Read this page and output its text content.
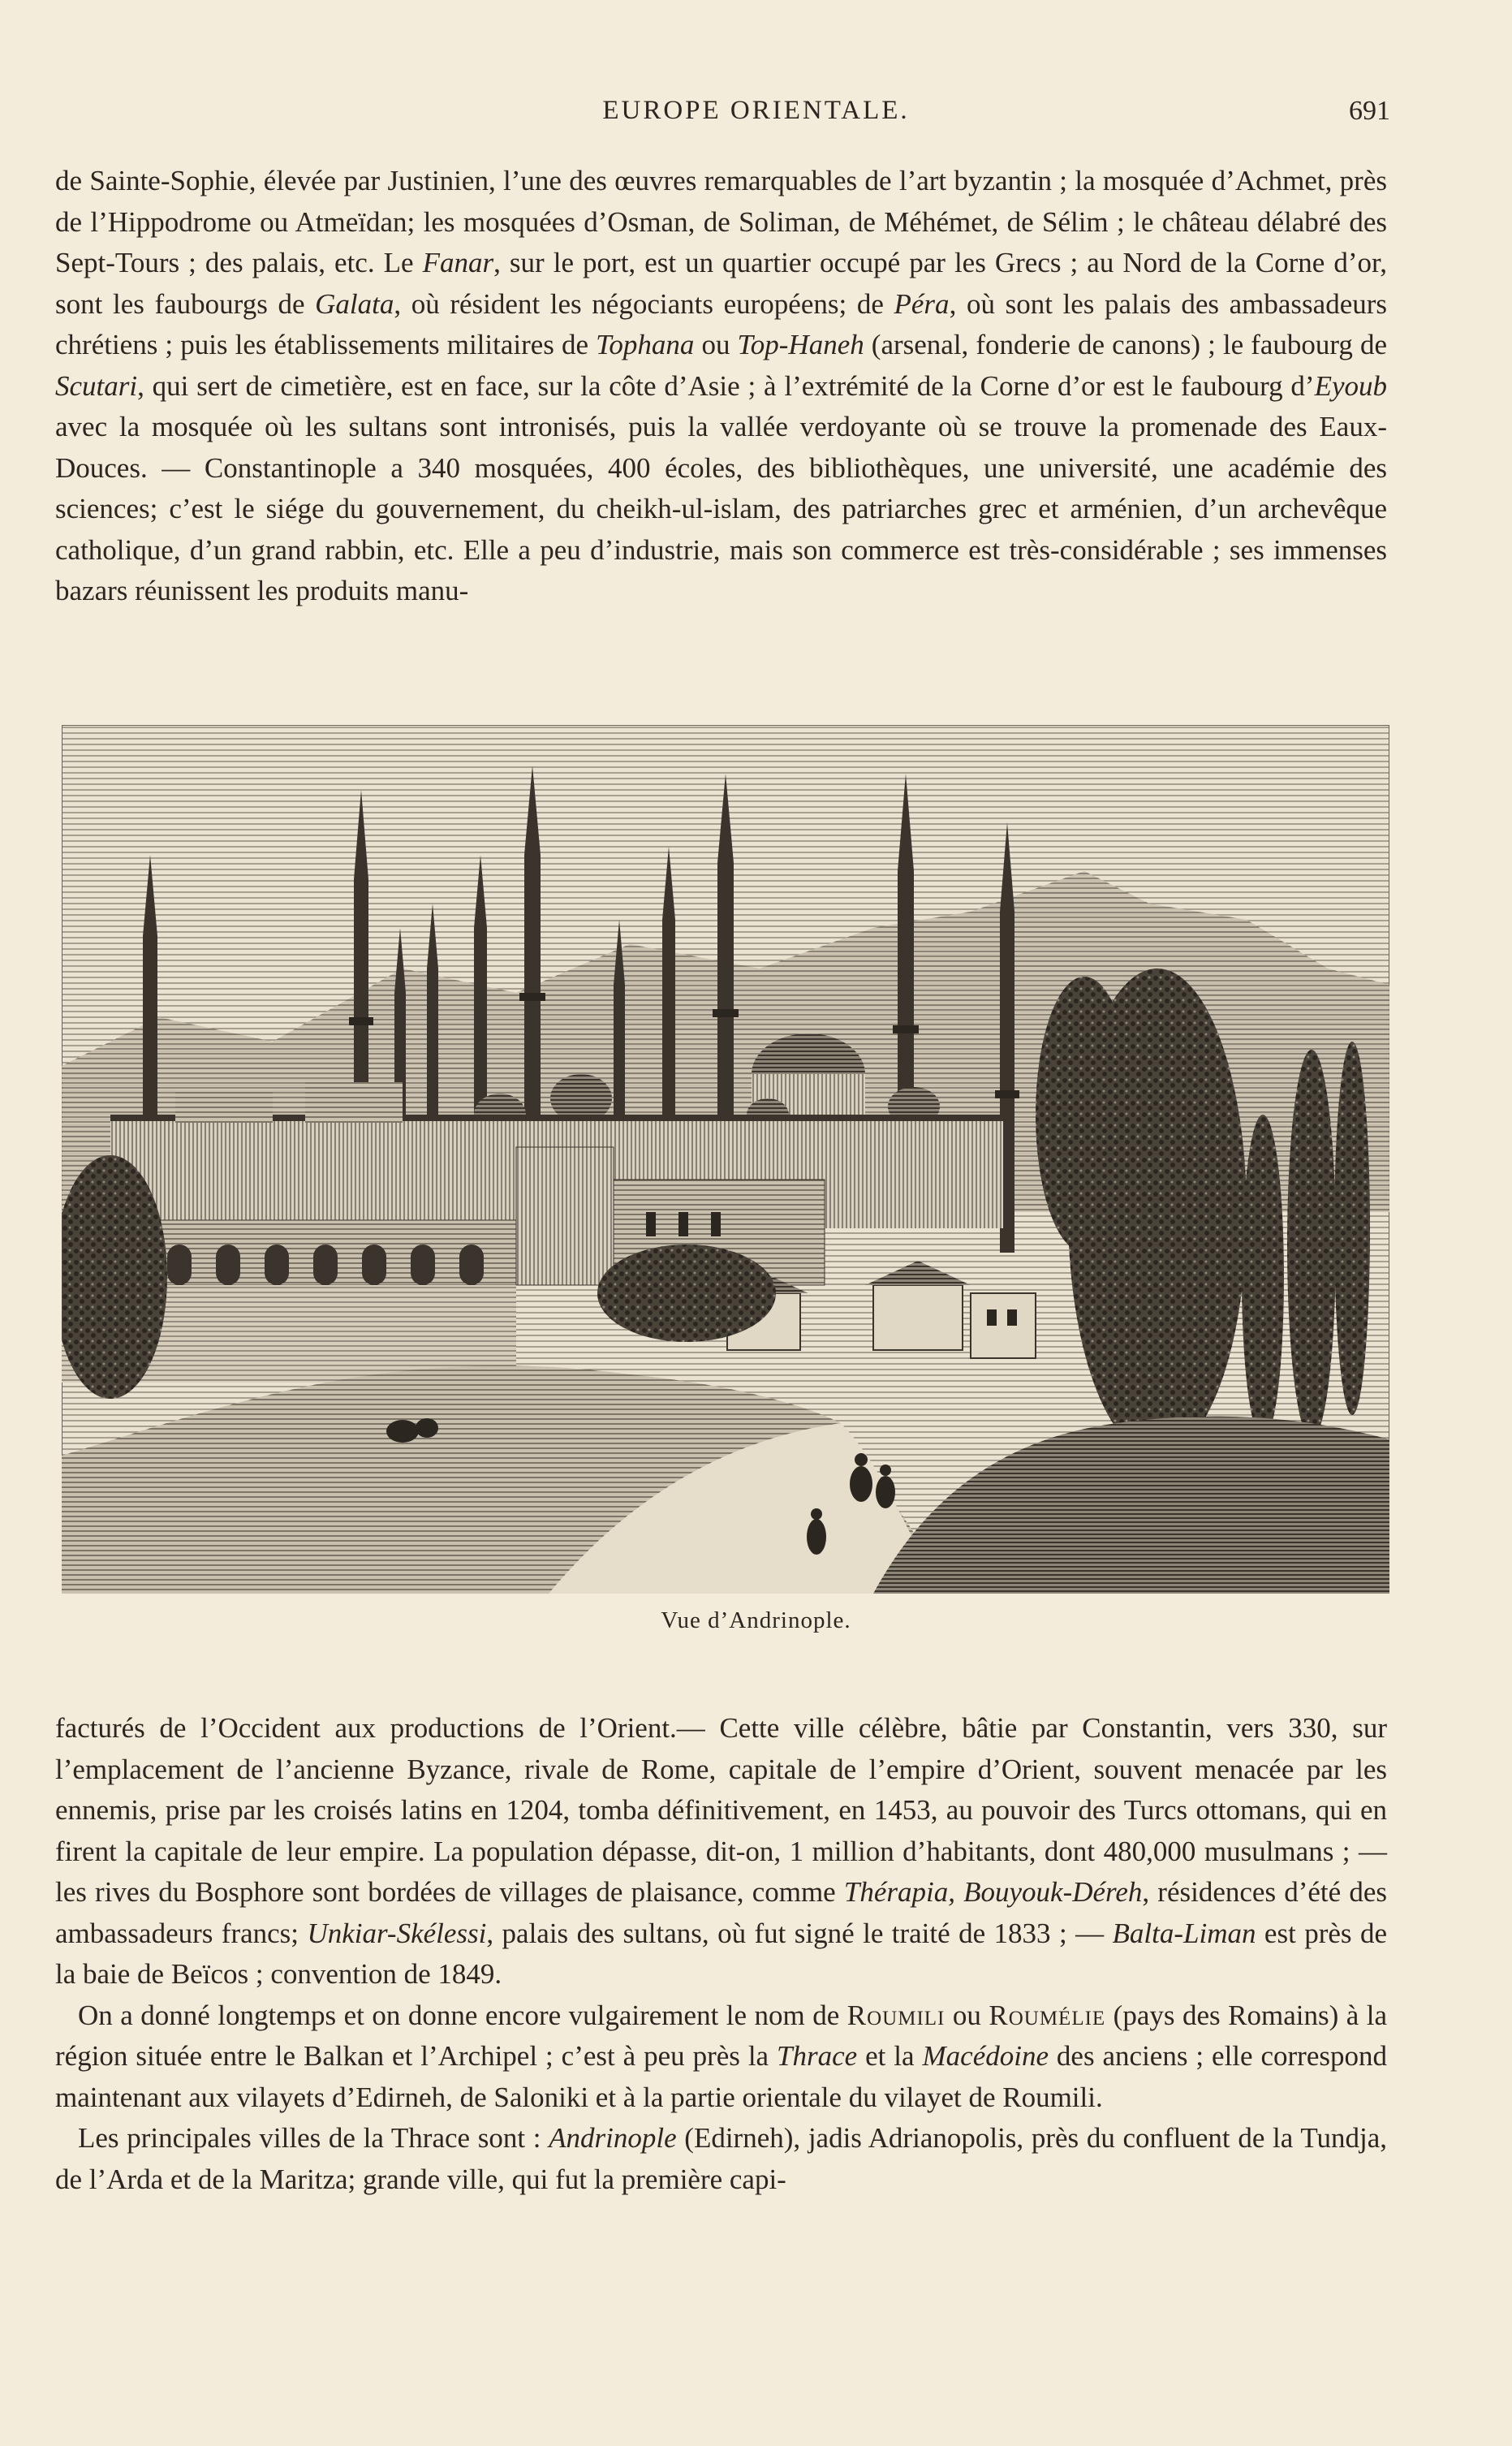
EUROPE ORIENTALE.	691

de Sainte-Sophie, élevée par Justinien, l’une des œuvres remarquables de l’art byzantin ; la mosquée d’Achmet, près de l’Hippodrome ou Atmeïdan; les mosquées d’Osman, de Soliman, de Méhémet, de Sélim ; le château délabré des Sept-Tours ; des palais, etc. Le Fanar, sur le port, est un quartier occupé par les Grecs ; au Nord de la Corne d’or, sont les faubourgs de Galata, où résident les négociants européens; de Péra, où sont les palais des ambassadeurs chrétiens ; puis les établissements militaires de Tophana ou Top-Haneh (arsenal, fonderie de canons) ; le faubourg de Scutari, qui sert de cimetière, est en face, sur la côte d’Asie ; à l’extrémité de la Corne d’or est le faubourg d’Eyoub avec la mosquée où les sultans sont intronisés, puis la vallée verdoyante où se trouve la promenade des Eaux-Douces. — Constantinople a 340 mosquées, 400 écoles, des bibliothèques, une université, une académie des sciences; c’est le siége du gouvernement, du cheikh-ul-islam, des patriarches grec et arménien, d’un archevêque catholique, d’un grand rabbin, etc. Elle a peu d’industrie, mais son commerce est très-considérable ; ses immenses bazars réunissent les produits manu-

Vue d’Andrinople.

facturés de l’Occident aux productions de l’Orient.— Cette ville célèbre, bâtie par Constantin, vers 330, sur l’emplacement de l’ancienne Byzance, rivale de Rome, capitale de l’empire d’Orient, souvent menacée par les ennemis, prise par les croisés latins en 1204, tomba définitivement, en 1453, au pouvoir des Turcs ottomans, qui en firent la capitale de leur empire. La population dépasse, dit-on, 1 million d’habitants, dont 480,000 musulmans ; — les rives du Bosphore sont bordées de villages de plaisance, comme Thérapia, Bouyouk-Déreh, résidences d’été des ambassadeurs francs; Unkiar-Skélessi, palais des sultans, où fut signé le traité de 1833 ; — Balta-Liman est près de la baie de Beïcos ; convention de 1849.

On a donné longtemps et on donne encore vulgairement le nom de Roumili ou Rouмélie (pays des Romains) à la région située entre le Balkan et l’Archipel ; c’est à peu près la Thrace et la Macédoine des anciens ; elle correspond maintenant aux vilayets d’Edirneh, de Saloniki et à la partie orientale du vilayet de Roumili.

Les principales villes de la Thrace sont : Andrinople (Edirneh), jadis Adrianopolis, près du confluent de la Tundja, de l’Arda et de la Maritza; grande ville, qui fut la première capi-
